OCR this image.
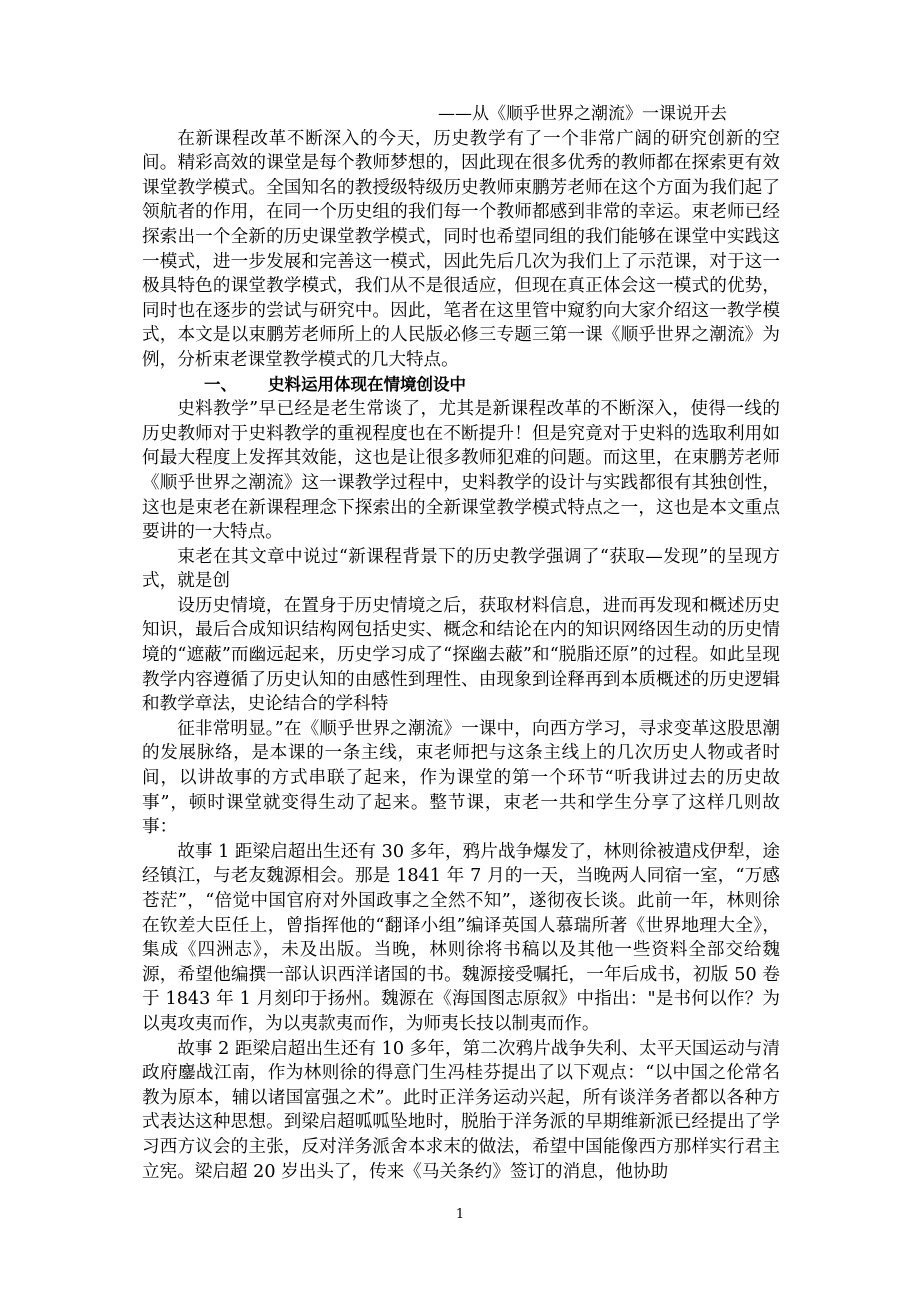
——从《顺乎世界之潮流》一课说开去

在新课程改革不断深入的今天，历史教学有了一个非常广阔的研究创新的空间。精彩高效的课堂是每个教师梦想的，因此现在很多优秀的教师都在探索更有效课堂教学模式。全国知名的教授级特级历史教师束鹏芳老师在这个方面为我们起了领航者的作用，在同一个历史组的我们每一个教师都感到非常的幸运。束老师已经探索出一个全新的历史课堂教学模式，同时也希望同组的我们能够在课堂中实践这一模式，进一步发展和完善这一模式，因此先后几次为我们上了示范课，对于这一极具特色的课堂教学模式，我们从不是很适应，但现在真正体会这一模式的优势，同时也在逐步的尝试与研究中。因此，笔者在这里管中窥豹向大家介绍这一教学模式，本文是以束鹏芳老师所上的人民版必修三专题三第一课《顺乎世界之潮流》为例，分析束老课堂教学模式的几大特点。

一、 史料运用体现在情境创设中

史料教学”早已经是老生常谈了，尤其是新课程改革的不断深入，使得一线的历史教师对于史料教学的重视程度也在不断提升！但是究竟对于史料的选取利用如何最大程度上发挥其效能，这也是让很多教师犯难的问题。而这里，在束鹏芳老师《顺乎世界之潮流》这一课教学过程中，史料教学的设计与实践都很有其独创性，这也是束老在新课程理念下探索出的全新课堂教学模式特点之一，这也是本文重点要讲的一大特点。

束老在其文章中说过“新课程背景下的历史教学强调了“获取—发现”的呈现方式，就是创

设历史情境，在置身于历史情境之后，获取材料信息，进而再发现和概述历史知识，最后合成知识结构网包括史实、概念和结论在内的知识网络因生动的历史情境的“遮蔽”而幽远起来，历史学习成了“探幽去蔽”和“脱脂还原”的过程。如此呈现教学内容遵循了历史认知的由感性到理性、由现象到诠释再到本质概述的历史逻辑和教学章法，史论结合的学科特

征非常明显。”在《顺乎世界之潮流》一课中，向西方学习，寻求变革这股思潮的发展脉络，是本课的一条主线，束老师把与这条主线上的几次历史人物或者时间，以讲故事的方式串联了起来，作为课堂的第一个环节“听我讲过去的历史故事”，顿时课堂就变得生动了起来。整节课，束老一共和学生分享了这样几则故事：

故事 1 距梁启超出生还有 30 多年，鸦片战争爆发了，林则徐被遣戍伊犁，途经镇江，与老友魏源相会。那是 1841 年 7 月的一天，当晚两人同宿一室，“万感苍茫”，“倍觉中国官府对外国政事之全然不知”，遂彻夜长谈。此前一年，林则徐在钦差大臣任上，曾指挥他的“翻译小组”编译英国人慕瑞所著《世界地理大全》，集成《四洲志》，未及出版。当晚，林则徐将书稿以及其他一些资料全部交给魏源，希望他编撰一部认识西洋诸国的书。魏源接受嘱托，一年后成书，初版 50 卷于 1843 年 1 月刻印于扬州。魏源在《海国图志原叙》中指出："是书何以作？为以夷攻夷而作，为以夷款夷而作，为师夷长技以制夷而作。

故事 2 距梁启超出生还有 10 多年，第二次鸦片战争失利、太平天国运动与清政府鏖战江南，作为林则徐的得意门生冯桂芬提出了以下观点：“以中国之伦常名教为原本，辅以诸国富强之术”。此时正洋务运动兴起，所有谈洋务者都以各种方式表达这种思想。到梁启超呱呱坠地时，脱胎于洋务派的早期维新派已经提出了学习西方议会的主张，反对洋务派舍本求末的做法，希望中国能像西方那样实行君主立宪。梁启超 20 岁出头了，传来《马关条约》签订的消息，他协助

1
